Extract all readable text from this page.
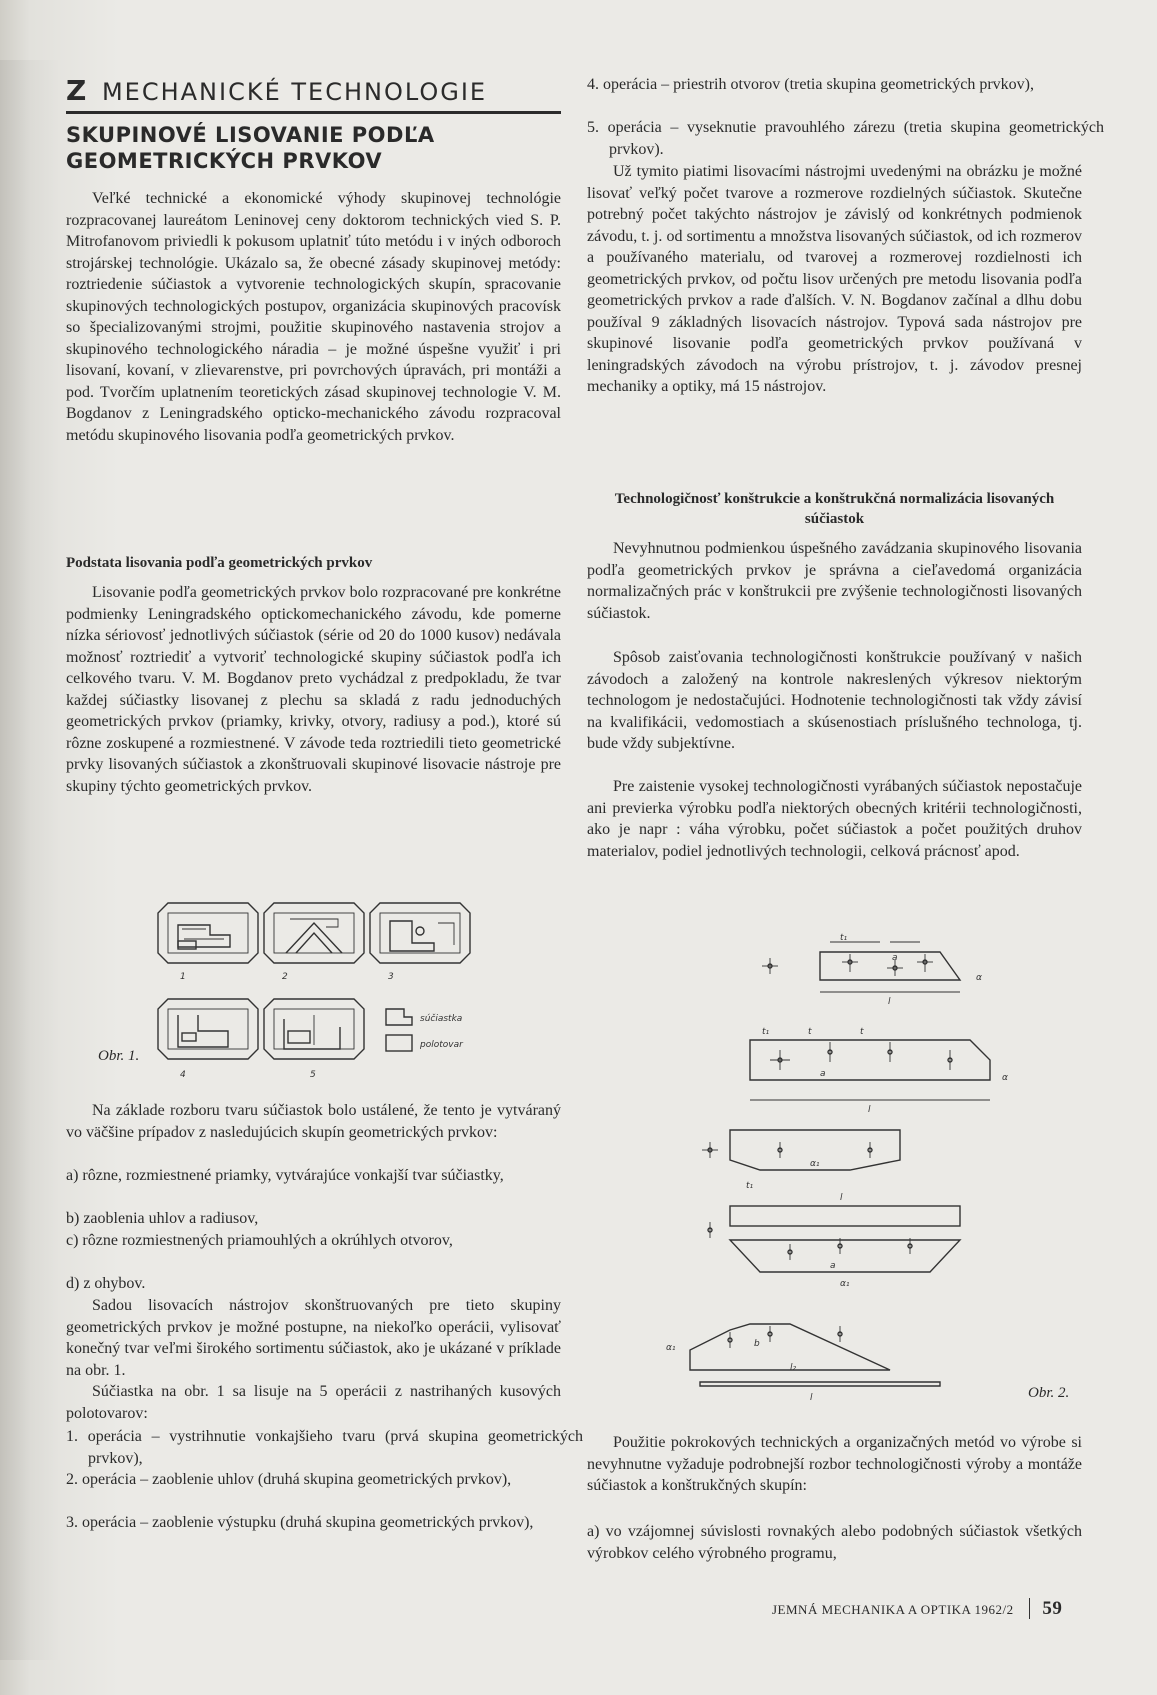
Z MECHANICKÉ TECHNOLOGIE
SKUPINOVÉ LISOVANIE PODĽA GEOMETRICKÝCH PRVKOV

Veľké technické a ekonomické výhody skupinovej technológie rozpracovanej laureátom Leninovej ceny doktorom technických vied S. P. Mitrofanovom priviedli k pokusom uplatniť túto metódu i v iných odboroch strojárskej technológie. Ukázalo sa, že obecné zásady skupinovej metódy: roztriedenie súčiastok a vytvorenie technologických skupín, spracovanie skupinových technologických postupov, organizácia skupinových pracovísk so špecializovanými strojmi, použitie skupinového nastavenia strojov a skupinového technologického náradia – je možné úspešne využiť i pri lisovaní, kovaní, v zlievarenstve, pri povrchových úpravách, pri montáži a pod. Tvorčím uplatnením teoretických zásad skupinovej technologie V. M. Bogdanov z Leningradského opticko-mechanického závodu rozpracoval metódu skupinového lisovania podľa geometrických prvkov.

Podstata lisovania podľa geometrických prvkov

Lisovanie podľa geometrických prvkov bolo rozpracované pre konkrétne podmienky Leningradského optickomechanického závodu, kde pomerne nízka sériovosť jednotlivých súčiastok (série od 20 do 1000 kusov) nedávala možnosť roztriediť a vytvoriť technologické skupiny súčiastok podľa ich celkového tvaru. V. M. Bogdanov preto vychádzal z predpokladu, že tvar každej súčiastky lisovanej z plechu sa skladá z radu jednoduchých geometrických prvkov (priamky, krivky, otvory, radiusy a pod.), ktoré sú rôzne zoskupené a rozmiestnené. V závode teda roztriedili tieto geometrické prvky lisovaných súčiastok a zkonštruovali skupinové lisovacie nástroje pre skupiny týchto geometrických prvkov.

1	2	3
4	5
súčiastka
polotovar
Obr. 1.

Na základe rozboru tvaru súčiastok bolo ustálené, že tento je vytváraný vo väčšine prípadov z nasledujúcich skupín geometrických prvkov:

a) rôzne, rozmiestnené priamky, vytvárajúce vonkajší tvar súčiastky,

b) zaoblenia uhlov a radiusov,

c) rôzne rozmiestnených priamouhlých a okrúhlych otvorov,

d) z ohybov.

Sadou lisovacích nástrojov skonštruovaných pre tieto skupiny geometrických prvkov je možné postupne, na niekoľko operácii, vylisovať konečný tvar veľmi širokého sortimentu súčiastok, ako je ukázané v príklade na obr. 1.

Súčiastka na obr. 1 sa lisuje na 5 operácii z nastrihaných kusových polotovarov:

1. operácia – vystrihnutie vonkajšieho tvaru (prvá skupina geometrických prvkov),

2. operácia – zaoblenie uhlov (druhá skupina geometrických prvkov),

3. operácia – zaoblenie výstupku (druhá skupina geometrických prvkov),

4. operácia – priestrih otvorov (tretia skupina geometrických prvkov),

5. operácia – vyseknutie pravouhlého zárezu (tretia skupina geometrických prvkov).

Už tymito piatimi lisovacími nástrojmi uvedenými na obrázku je možné lisovať veľký počet tvarove a rozmerove rozdielných súčiastok. Skutečne potrebný počet takýchto nástrojov je závislý od konkrétnych podmienok závodu, t. j. od sortimentu a množstva lisovaných súčiastok, od ich rozmerov a používaného materialu, od tvarovej a rozmerovej rozdielnosti ich geometrických prvkov, od počtu lisov určených pre metodu lisovania podľa geometrických prvkov a rade ďalších. V. N. Bogdanov začínal a dlhu dobu používal 9 základných lisovacích nástrojov. Typová sada nástrojov pre skupinové lisovanie podľa geometrických prvkov používaná v leningradských závodoch na výrobu prístrojov, t. j. závodov presnej mechaniky a optiky, má 15 nástrojov.

Technologičnosť konštrukcie a konštrukčná normalizácia lisovaných súčiastok

Nevyhnutnou podmienkou úspešného zavádzania skupinového lisovania podľa geometrických prvkov je správna a cieľavedomá organizácia normalizačných prác v konštrukcii pre zvýšenie technologičnosti lisovaných súčiastok.

Spôsob zaisťovania technologičnosti konštrukcie používaný v našich závodoch a založený na kontrole nakreslených výkresov niektorým technologom je nedostačujúci. Hodnotenie technologičnosti tak vždy závisí na kvalifikácii, vedomostiach a skúsenostiach príslušného technologa, tj. bude vždy subjektívne.

Pre zaistenie vysokej technologičnosti vyrábaných súčiastok nepostačuje ani previerka výrobku podľa niektorých obecných kritérii technologičnosti, ako je napr : váha výrobku, počet súčiastok a počet použitých druhov materialov, podiel jednotlivých technologii, celková prácnosť apod.

t₁
a
l
α
t₁	t	t
a
l
α
α₁
t₁
l
a
α₁
α₁	b
l₂
l	Obr. 2.

Použitie pokrokových technických a organizačných metód vo výrobe si nevyhnutne vyžaduje podrobnejší rozbor technologičnosti výroby a montáže súčiastok a konštrukčných skupín:

a) vo vzájomnej súvislosti rovnakých alebo podobných súčiastok všetkých výrobkov celého výrobného programu,

JEMNÁ MECHANIKA A OPTIKA 1962/2 59
